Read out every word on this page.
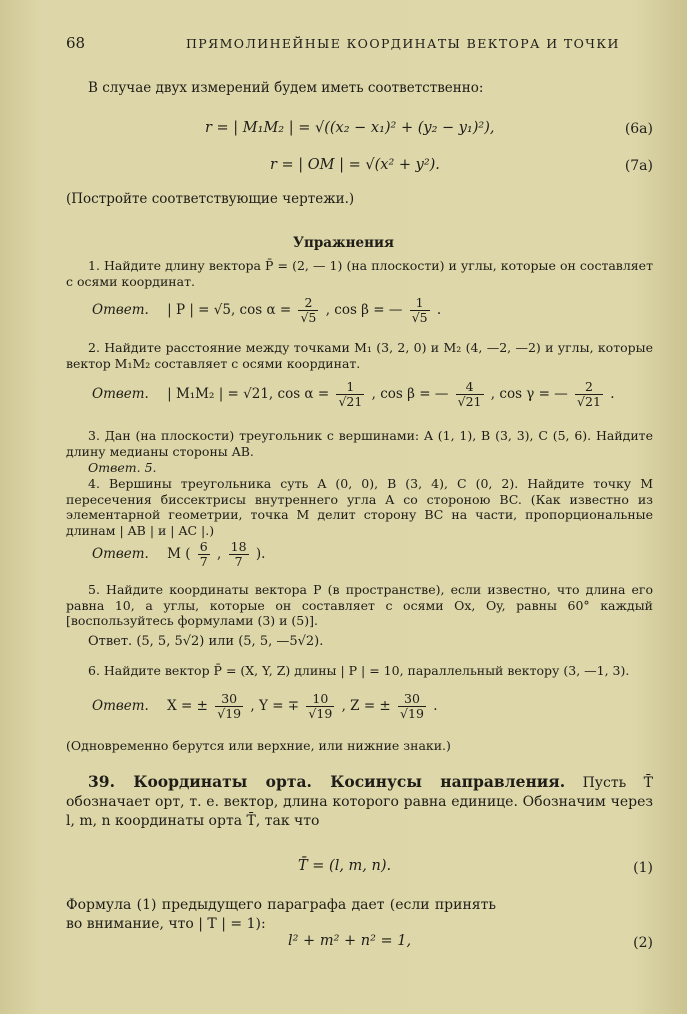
68	ПРЯМОЛИНЕЙНЫЕ КООРДИНАТЫ ВЕКТОРА И ТОЧКИ
В случае двух измерений будем иметь соответственно:
r = | M₁M₂ | = √((x₂ − x₁)² + (y₂ − y₁)²),	(6а)
r = | OM | = √(x² + y²).	(7а)
(Постройте соответствующие чертежи.)
Упражнения
1. Найдите длину вектора P̄ = (2, — 1) (на плоскости) и углы, которые он составляет с осями координат.
Ответ. | P | = √5, $\cos \alpha = \frac{2}{√5}$ , cos β = — $\frac{1}{√5}$ .
2. Найдите расстояние между точками M₁ (3, 2, 0) и M₂ (4, —2, —2) и углы, которые вектор M₁M₂ составляет с осями координат.
Ответ. | M₁M₂ | = √21, $\cos \alpha = \frac{1}{√21}$ , cos β = — $\frac{4}{√21}$ , cos γ = — $\frac{2}{√21}$ .
3. Дан (на плоскости) треугольник с вершинами: A (1, 1), B (3, 3), C (5, 6). Найдите длину медианы стороны AB.
Ответ. 5.
4. Вершины треугольника суть A (0, 0), B (3, 4), C (0, 2). Найдите точку M пересечения биссектрисы внутреннего угла A со стороною BC. (Как известно из элементарной геометрии, точка M делит сторону BC на части, пропорциональные длинам | AB | и | AC |.)
Ответ. M ( $\frac{6}{7}$ , $\frac{18}{7}$ ).
5. Найдите координаты вектора P (в пространстве), если известно, что длина его равна 10, а углы, которые он составляет с осями Ox, Oy, равны 60° каждый [воспользуйтесь формулами (3) и (5)].
Ответ. (5, 5, 5√2) или (5, 5, —5√2).
6. Найдите вектор P̄ = (X, Y, Z) длины | P | = 10, параллельный вектору (3, —1, 3).
Ответ. X = ± $\frac{30}{√19}$ , Y = ∓ $\frac{10}{√19}$ , Z = ± $\frac{30}{√19}$ .
(Одновременно берутся или верхние, или нижние знаки.)
39. Координаты орта. Косинусы направления. Пусть T̄ обозначает орт, т. е. вектор, длина которого равна единице. Обозначим через l, m, n координаты орта T̄, так что
T̄ = (l, m, n).	(1)
Формула (1) предыдущего параграфа дает (если принять во внимание, что | T | = 1):
l² + m² + n² = 1,	(2)
